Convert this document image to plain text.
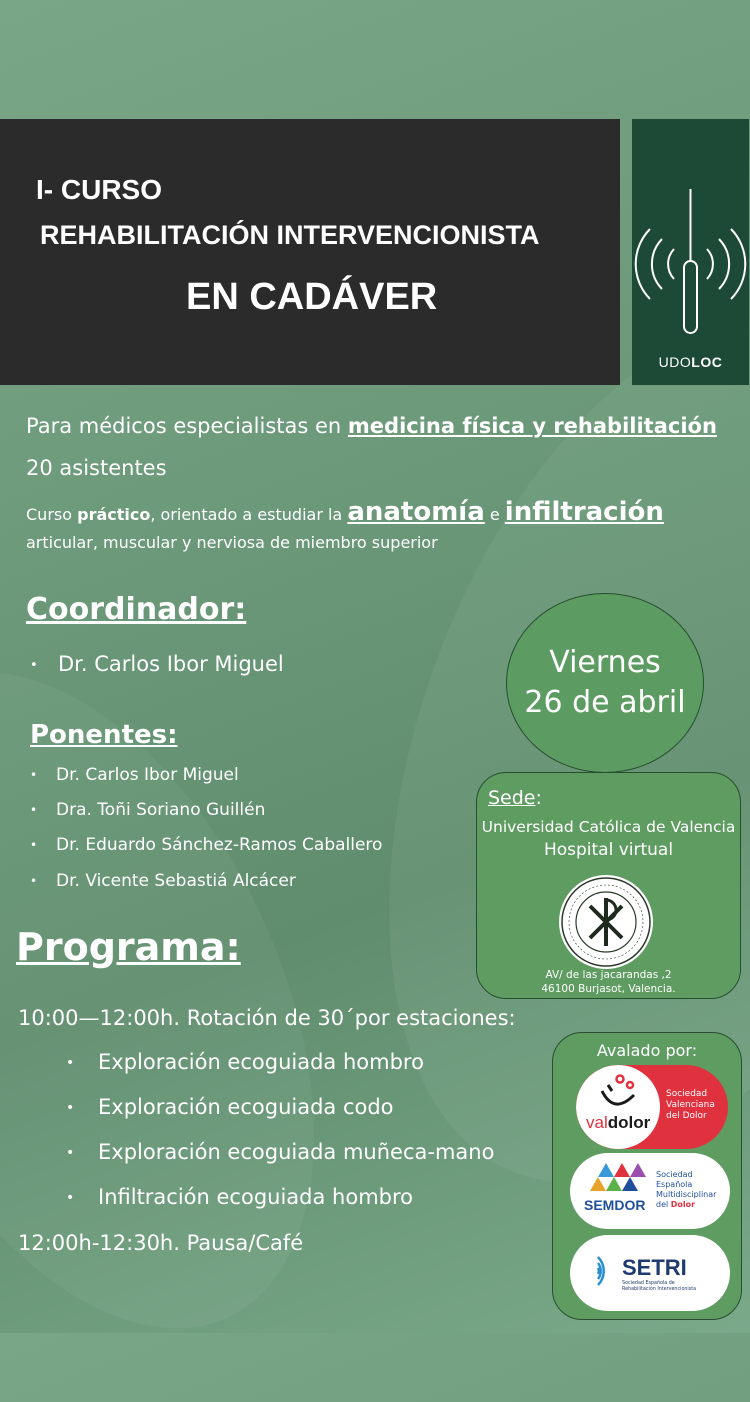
I- CURSO
REHABILITACIÓN INTERVENCIONISTA
EN CADÁVER
UDOLOC
Para médicos especialistas en medicina física y rehabilitación
20 asistentes
Curso práctico, orientado a estudiar la anatomía e infiltración
articular, muscular y nerviosa de miembro superior
Coordinador:
• Dr. Carlos Ibor Miguel	Viernes
26 de abril
Ponentes:
• Dr. Carlos Ibor Miguel
• Dra. Toñi Soriano Guillén
• Dr. Eduardo Sánchez-Ramos Caballero
• Dr. Vicente Sebastiá Alcácer
Sede:
Universidad Católica de Valencia
Hospital virtual
AV/ de las jacarandas ,2
46100 Burjasot, Valencia.
Programa:
10:00—12:00h. Rotación de 30´por estaciones:
• Exploración ecoguiada hombro
• Exploración ecoguiada codo
• Exploración ecoguiada muñeca-mano
• Infiltración ecoguiada hombro
12:00h-12:30h. Pausa/Café
Avalado por:
valdolor
Sociedad
Valenciana
del Dolor
SEMDOR
Sociedad
Española
Multidisciplinar
del Dolor
SETRI
Sociedad Española de
Rehabilitación Intervencionista
